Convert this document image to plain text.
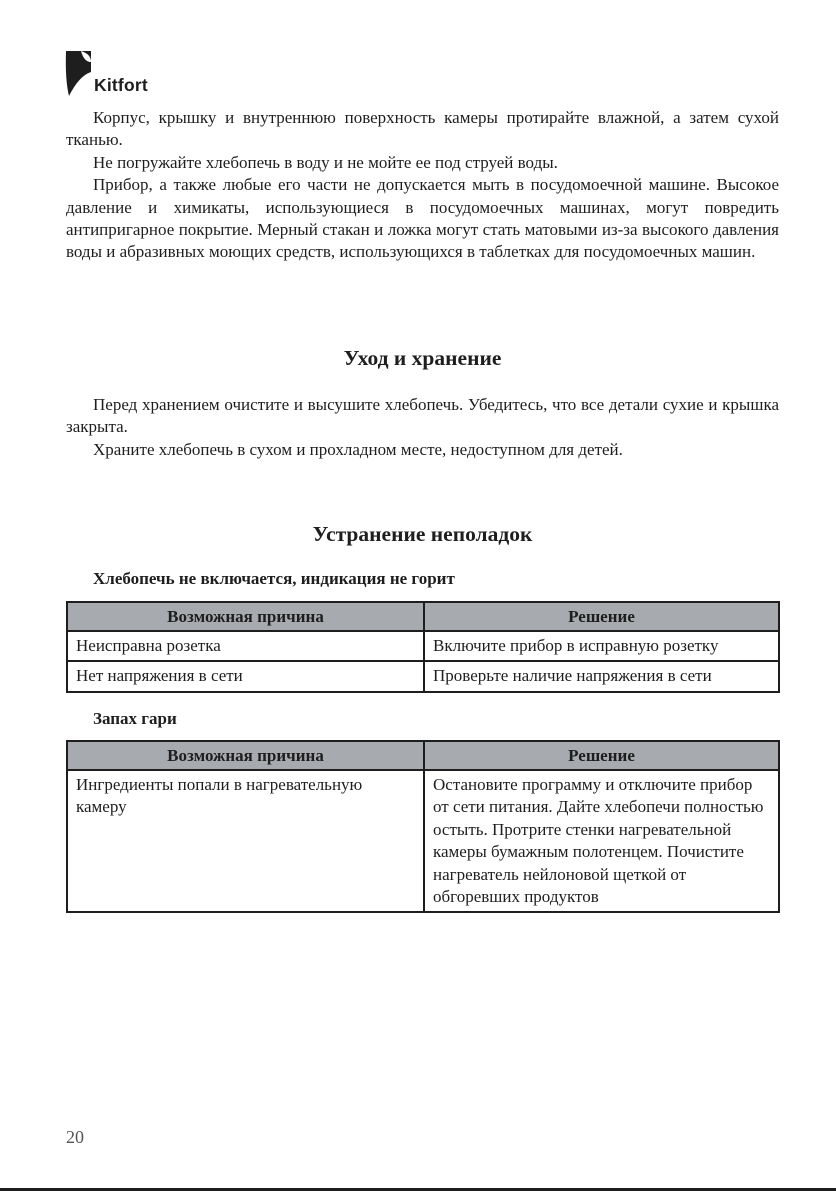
Kitfort

Корпус, крышку и внутреннюю поверхность камеры протирайте влажной, а затем сухой тканью.

Не погружайте хлебопечь в воду и не мойте ее под струей воды.

Прибор, а также любые его части не допускается мыть в посудомоечной машине. Высокое давление и химикаты, использующиеся в посудомоечных машинах, могут повредить антипригарное покрытие. Мерный стакан и ложка могут стать матовыми из-за высокого давления воды и абразивных моющих средств, использующихся в таблетках для посудомоечных машин.

Уход и хранение

Перед хранением очистите и высушите хлебопечь. Убедитесь, что все детали сухие и крышка закрыта.

Храните хлебопечь в сухом и прохладном месте, недоступном для детей.

Устранение неполадок
Хлебопечь не включается, индикация не горит
Возможная причина	Решение
Неисправна розетка	Включите прибор в исправную розетку
Нет напряжения в сети	Проверьте наличие напряжения в сети
Запах гари
Возможная причина	Решение
Ингредиенты попали в нагревательную камеру	Остановите программу и отключите прибор от сети питания. Дайте хлебопечи полностью остыть. Протрите стенки нагревательной камеры бумажным полотенцем. Почистите нагреватель нейлоновой щеткой от обгоревших продуктов
20
